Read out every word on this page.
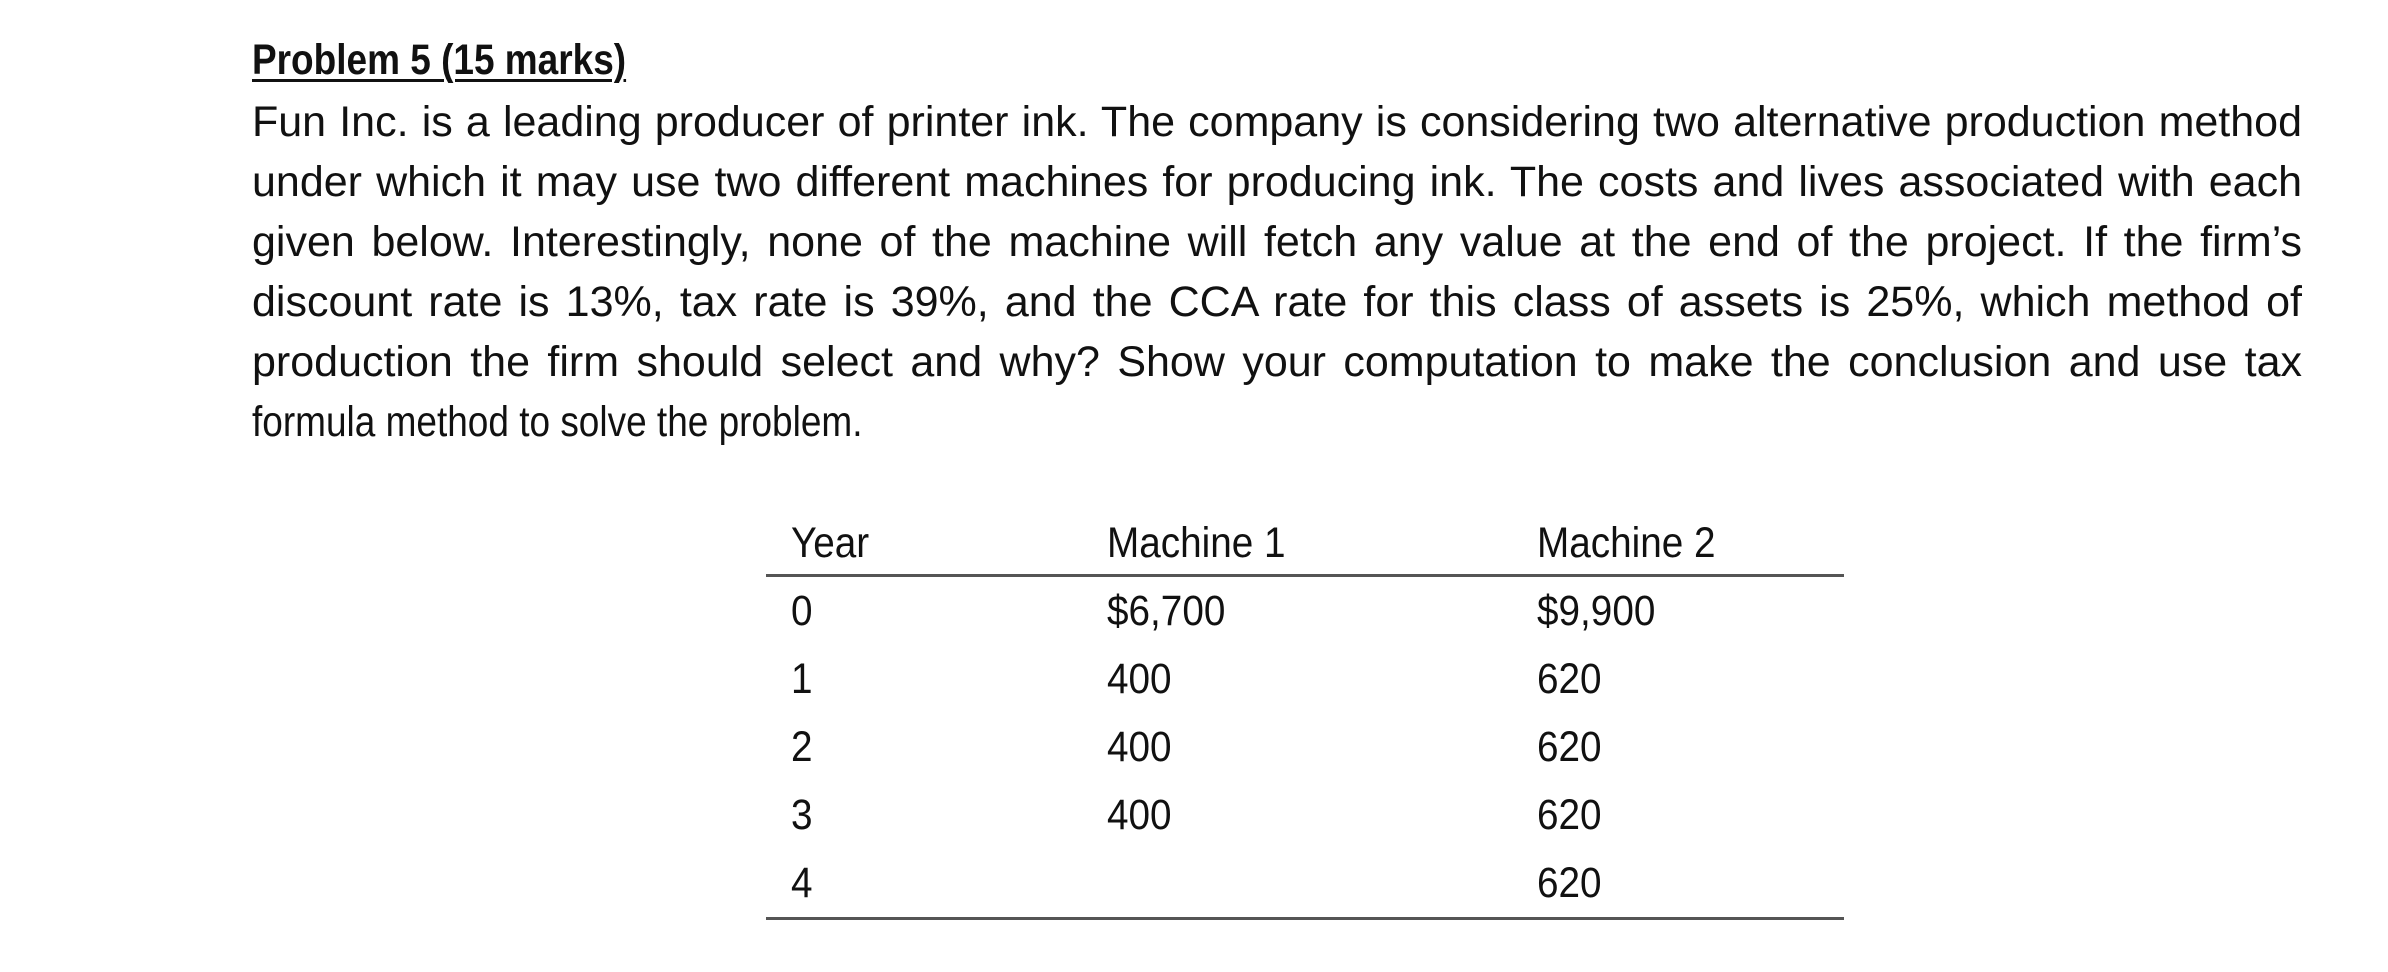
Problem 5 (15 marks)
Fun Inc. is a leading producer of printer ink. The company is considering two alternative production method
under which it may use two different machines for producing ink. The costs and lives associated with each
given below. Interestingly, none of the machine will fetch any value at the end of the project. If the firm’s
discount rate is 13%, tax rate is 39%, and the CCA rate for this class of assets is 25%, which method of
production the firm should select and why? Show your computation to make the conclusion and use tax
formula method to solve the problem.
Year	Machine 1	Machine 2
0	$6,700	$9,900
1	400	620
2	400	620
3	400	620
4		620
